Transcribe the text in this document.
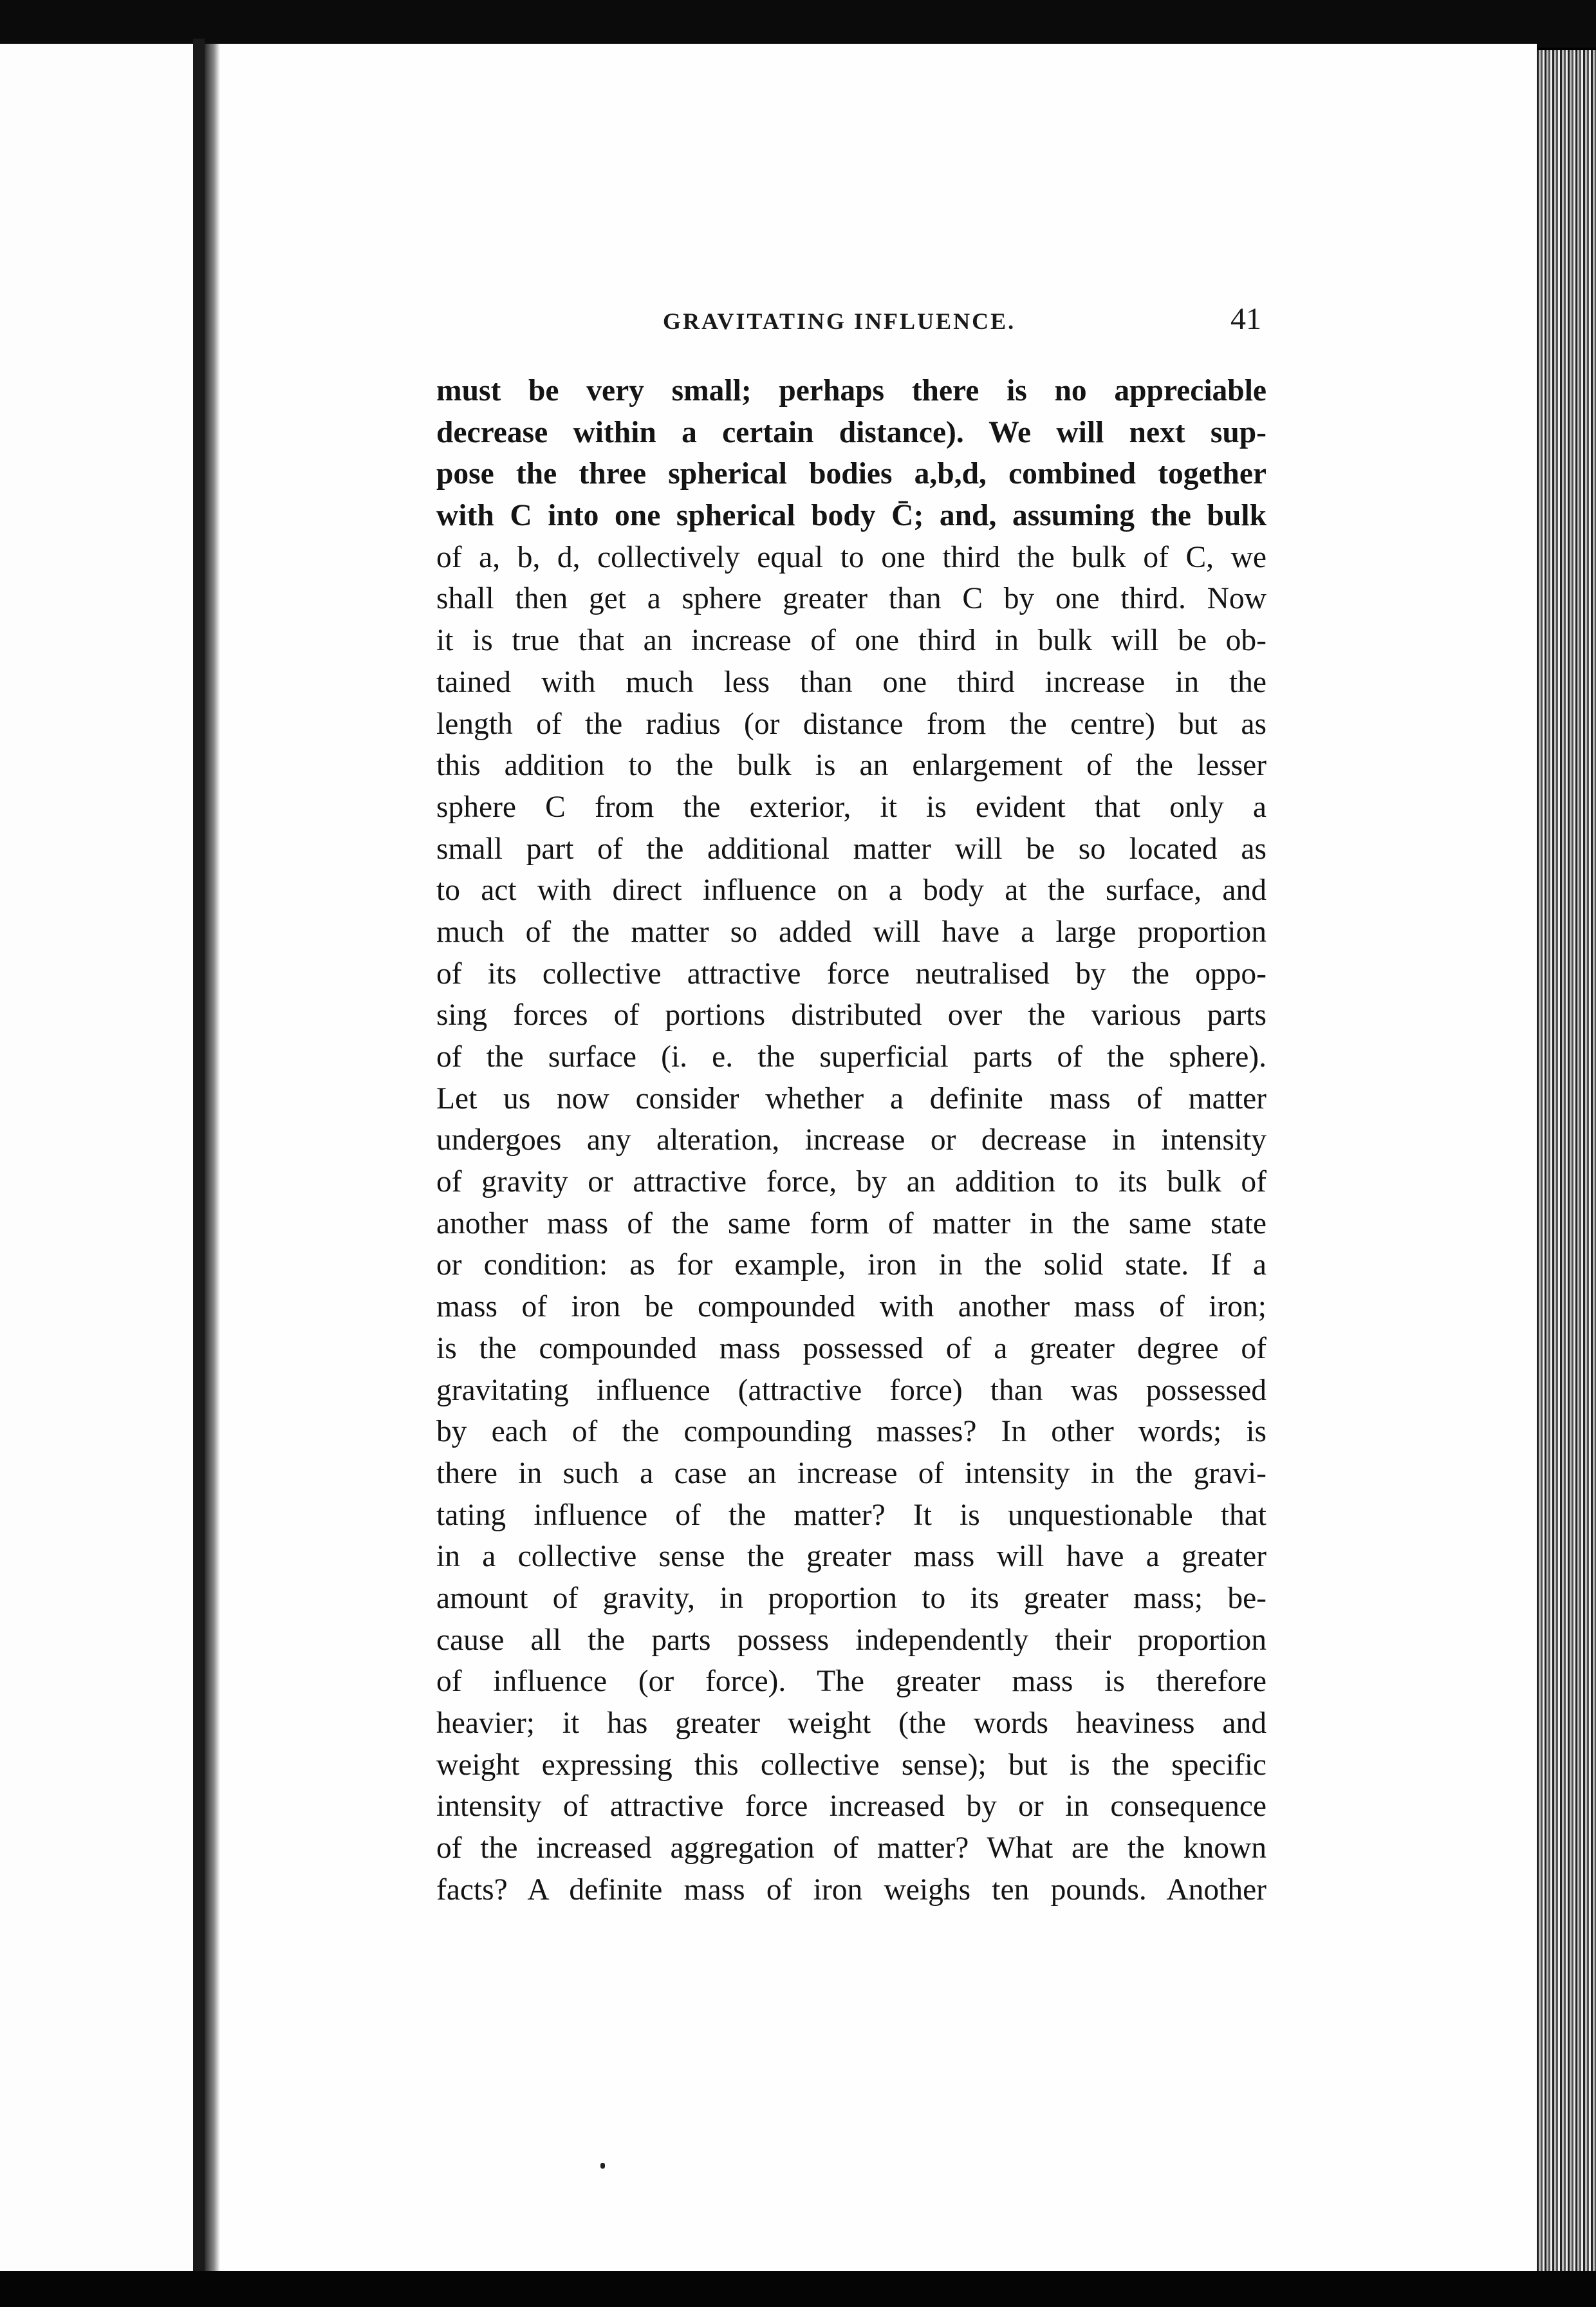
GRAVITATING INFLUENCE.	41
must be very small; perhaps there is no appreciable
decrease within a certain distance). We will next sup-
pose the three spherical bodies a,b,d, combined together
with C into one spherical body C̄; and, assuming the bulk
of a, b, d, collectively equal to one third the bulk of C, we
shall then get a sphere greater than C by one third. Now
it is true that an increase of one third in bulk will be ob-
tained with much less than one third increase in the
length of the radius (or distance from the centre) but as
this addition to the bulk is an enlargement of the lesser
sphere C from the exterior, it is evident that only a
small part of the additional matter will be so located as
to act with direct influence on a body at the surface, and
much of the matter so added will have a large proportion
of its collective attractive force neutralised by the oppo-
sing forces of portions distributed over the various parts
of the surface (i. e. the superficial parts of the sphere).
Let us now consider whether a definite mass of matter
undergoes any alteration, increase or decrease in intensity
of gravity or attractive force, by an addition to its bulk of
another mass of the same form of matter in the same state
or condition: as for example, iron in the solid state. If a
mass of iron be compounded with another mass of iron;
is the compounded mass possessed of a greater degree of
gravitating influence (attractive force) than was possessed
by each of the compounding masses? In other words; is
there in such a case an increase of intensity in the gravi-
tating influence of the matter? It is unquestionable that
in a collective sense the greater mass will have a greater
amount of gravity, in proportion to its greater mass; be-
cause all the parts possess independently their proportion
of influence (or force). The greater mass is therefore
heavier; it has greater weight (the words heaviness and
weight expressing this collective sense); but is the specific
intensity of attractive force increased by or in consequence
of the increased aggregation of matter? What are the known
facts? A definite mass of iron weighs ten pounds. Another
